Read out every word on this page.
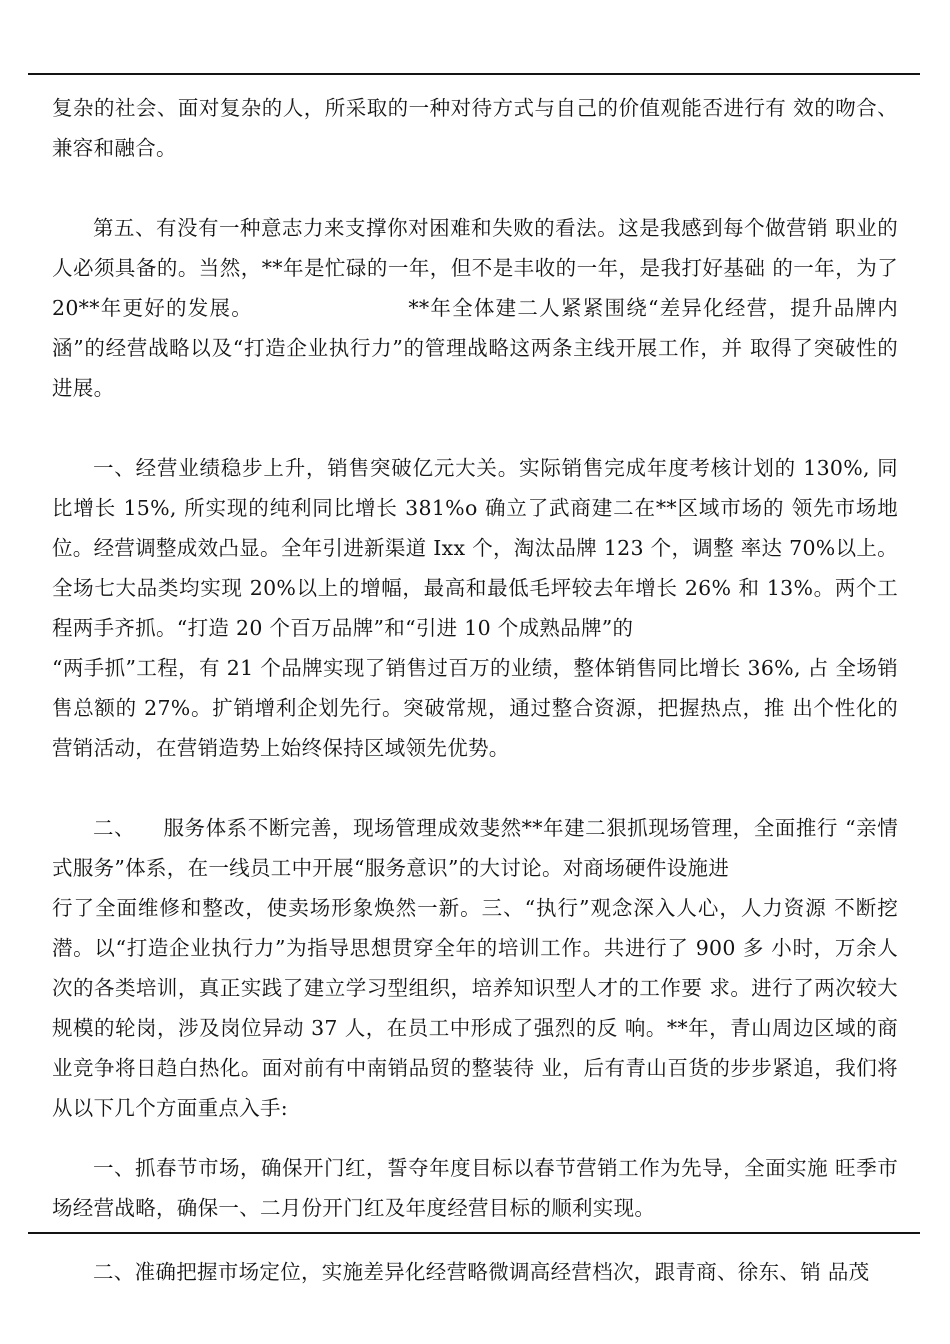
复杂的社会、面对复杂的人，所采取的一种对待方式与自己的价值观能否进行有 效的吻合、兼容和融合。

第五、有没有一种意志力来支撑你对困难和失败的看法。这是我感到每个做营销 职业的人必须具备的。当然，**年是忙碌的一年，但不是丰收的一年，是我打好基础 的一年，为了 20**年更好的发展。                    **年全体建二人紧紧围绕“差异化经营，提升品牌内涵”的经营战略以及“打造企业执行力”的管理战略这两条主线开展工作，并 取得了突破性的进展。

一、经营业绩稳步上升，销售突破亿元大关。实际销售完成年度考核计划的 130%, 同比增长 15%, 所实现的纯利同比增长 381%o 确立了武商建二在**区域市场的 领先市场地位。经营调整成效凸显。全年引进新渠道 Ixx 个，淘汰品牌 123 个，调整 率达 70%以上。全场七大品类均实现 20%以上的增幅，最高和最低毛坪较去年增长 26% 和 13%。两个工程两手齐抓。“打造 20 个百万品牌”和“引进 10 个成熟品牌”的

“两手抓”工程，有 21 个品牌实现了销售过百万的业绩，整体销售同比增长 36%, 占 全场销售总额的 27%。扩销增利企划先行。突破常规，通过整合资源，把握热点，推 出个性化的营销活动，在营销造势上始终保持区域领先优势。

二、    服务体系不断完善，现场管理成效斐然**年建二狠抓现场管理，全面推行 “亲情式服务”体系，在一线员工中开展“服务意识”的大讨论。对商场硬件设施进

行了全面维修和整改，使卖场形象焕然一新。三、“执行”观念深入人心，人力资源 不断挖潜。以“打造企业执行力”为指导思想贯穿全年的培训工作。共进行了 900 多 小时，万余人次的各类培训，真正实践了建立学习型组织，培养知识型人才的工作要 求。进行了两次较大规模的轮岗，涉及岗位异动 37 人，在员工中形成了强烈的反 响。**年，青山周边区域的商业竞争将日趋白热化。面对前有中南销品贸的整装待 业，后有青山百货的步步紧追，我们将从以下几个方面重点入手:

一、抓春节市场，确保开门红，誓夺年度目标以春节营销工作为先导，全面实施 旺季市场经营战略，确保一、二月份开门红及年度经营目标的顺利实现。

二、准确把握市场定位，实施差异化经营略微调高经营档次，跟青商、徐东、销 品茂
